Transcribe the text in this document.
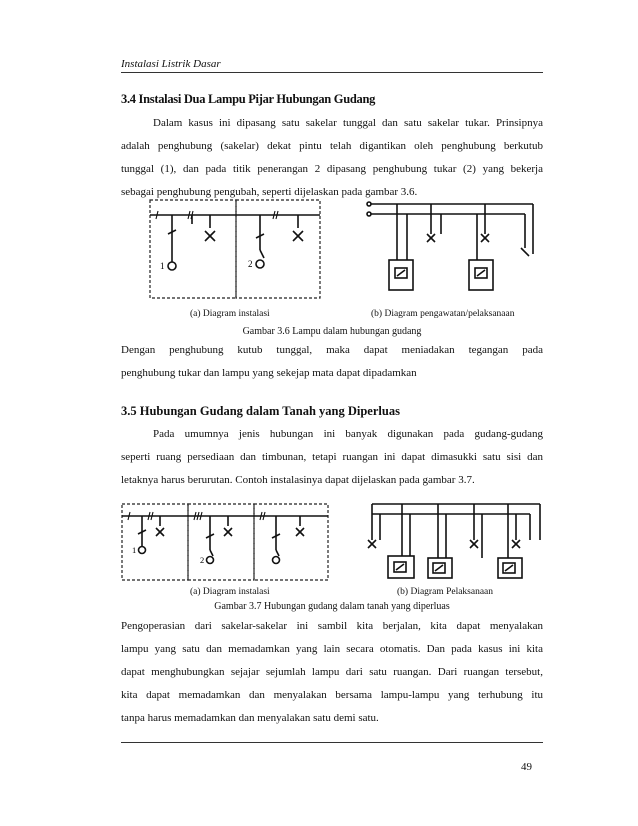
Instalasi Listrik Dasar
3.4 Instalasi Dua Lampu Pijar Hubungan Gudang
Dalam kasus ini dipasang satu sakelar tunggal dan satu sakelar tukar. Prinsipnya
adalah penghubung (sakelar) dekat pintu telah digantikan oleh penghubung berkutub
tunggal (1), dan pada titik penerangan 2 dipasang penghubung tukar (2) yang bekerja
sebagai penghubung pengubah, seperti dijelaskan pada gambar 3.6.
1	2
(a) Diagram instalasi	(b) Diagram pengawatan/pelaksanaan
Gambar 3.6 Lampu dalam hubungan gudang
Dengan penghubung kutub tunggal, maka dapat meniadakan tegangan pada
penghubung tukar dan lampu yang sekejap mata dapat dipadamkan
3.5 Hubungan Gudang dalam Tanah yang Diperluas
Pada umumnya jenis hubungan ini banyak digunakan pada gudang-gudang
seperti ruang persediaan dan timbunan, tetapi ruangan ini dapat dimasukki satu sisi dan
letaknya harus berurutan. Contoh instalasinya dapat dijelaskan pada gambar 3.7.
1
2
(a) Diagram instalasi	(b) Diagram Pelaksanaan
Gambar 3.7 Hubungan gudang dalam tanah yang diperluas
Pengoperasian dari sakelar-sakelar ini sambil kita berjalan, kita dapat menyalakan
lampu yang satu dan memadamkan yang lain secara otomatis. Dan pada kasus ini kita
dapat menghubungkan sejajar sejumlah lampu dari satu ruangan. Dari ruangan tersebut,
kita dapat memadamkan dan menyalakan bersama lampu-lampu yang terhubung itu
tanpa harus memadamkan dan menyalakan satu demi satu.
49
